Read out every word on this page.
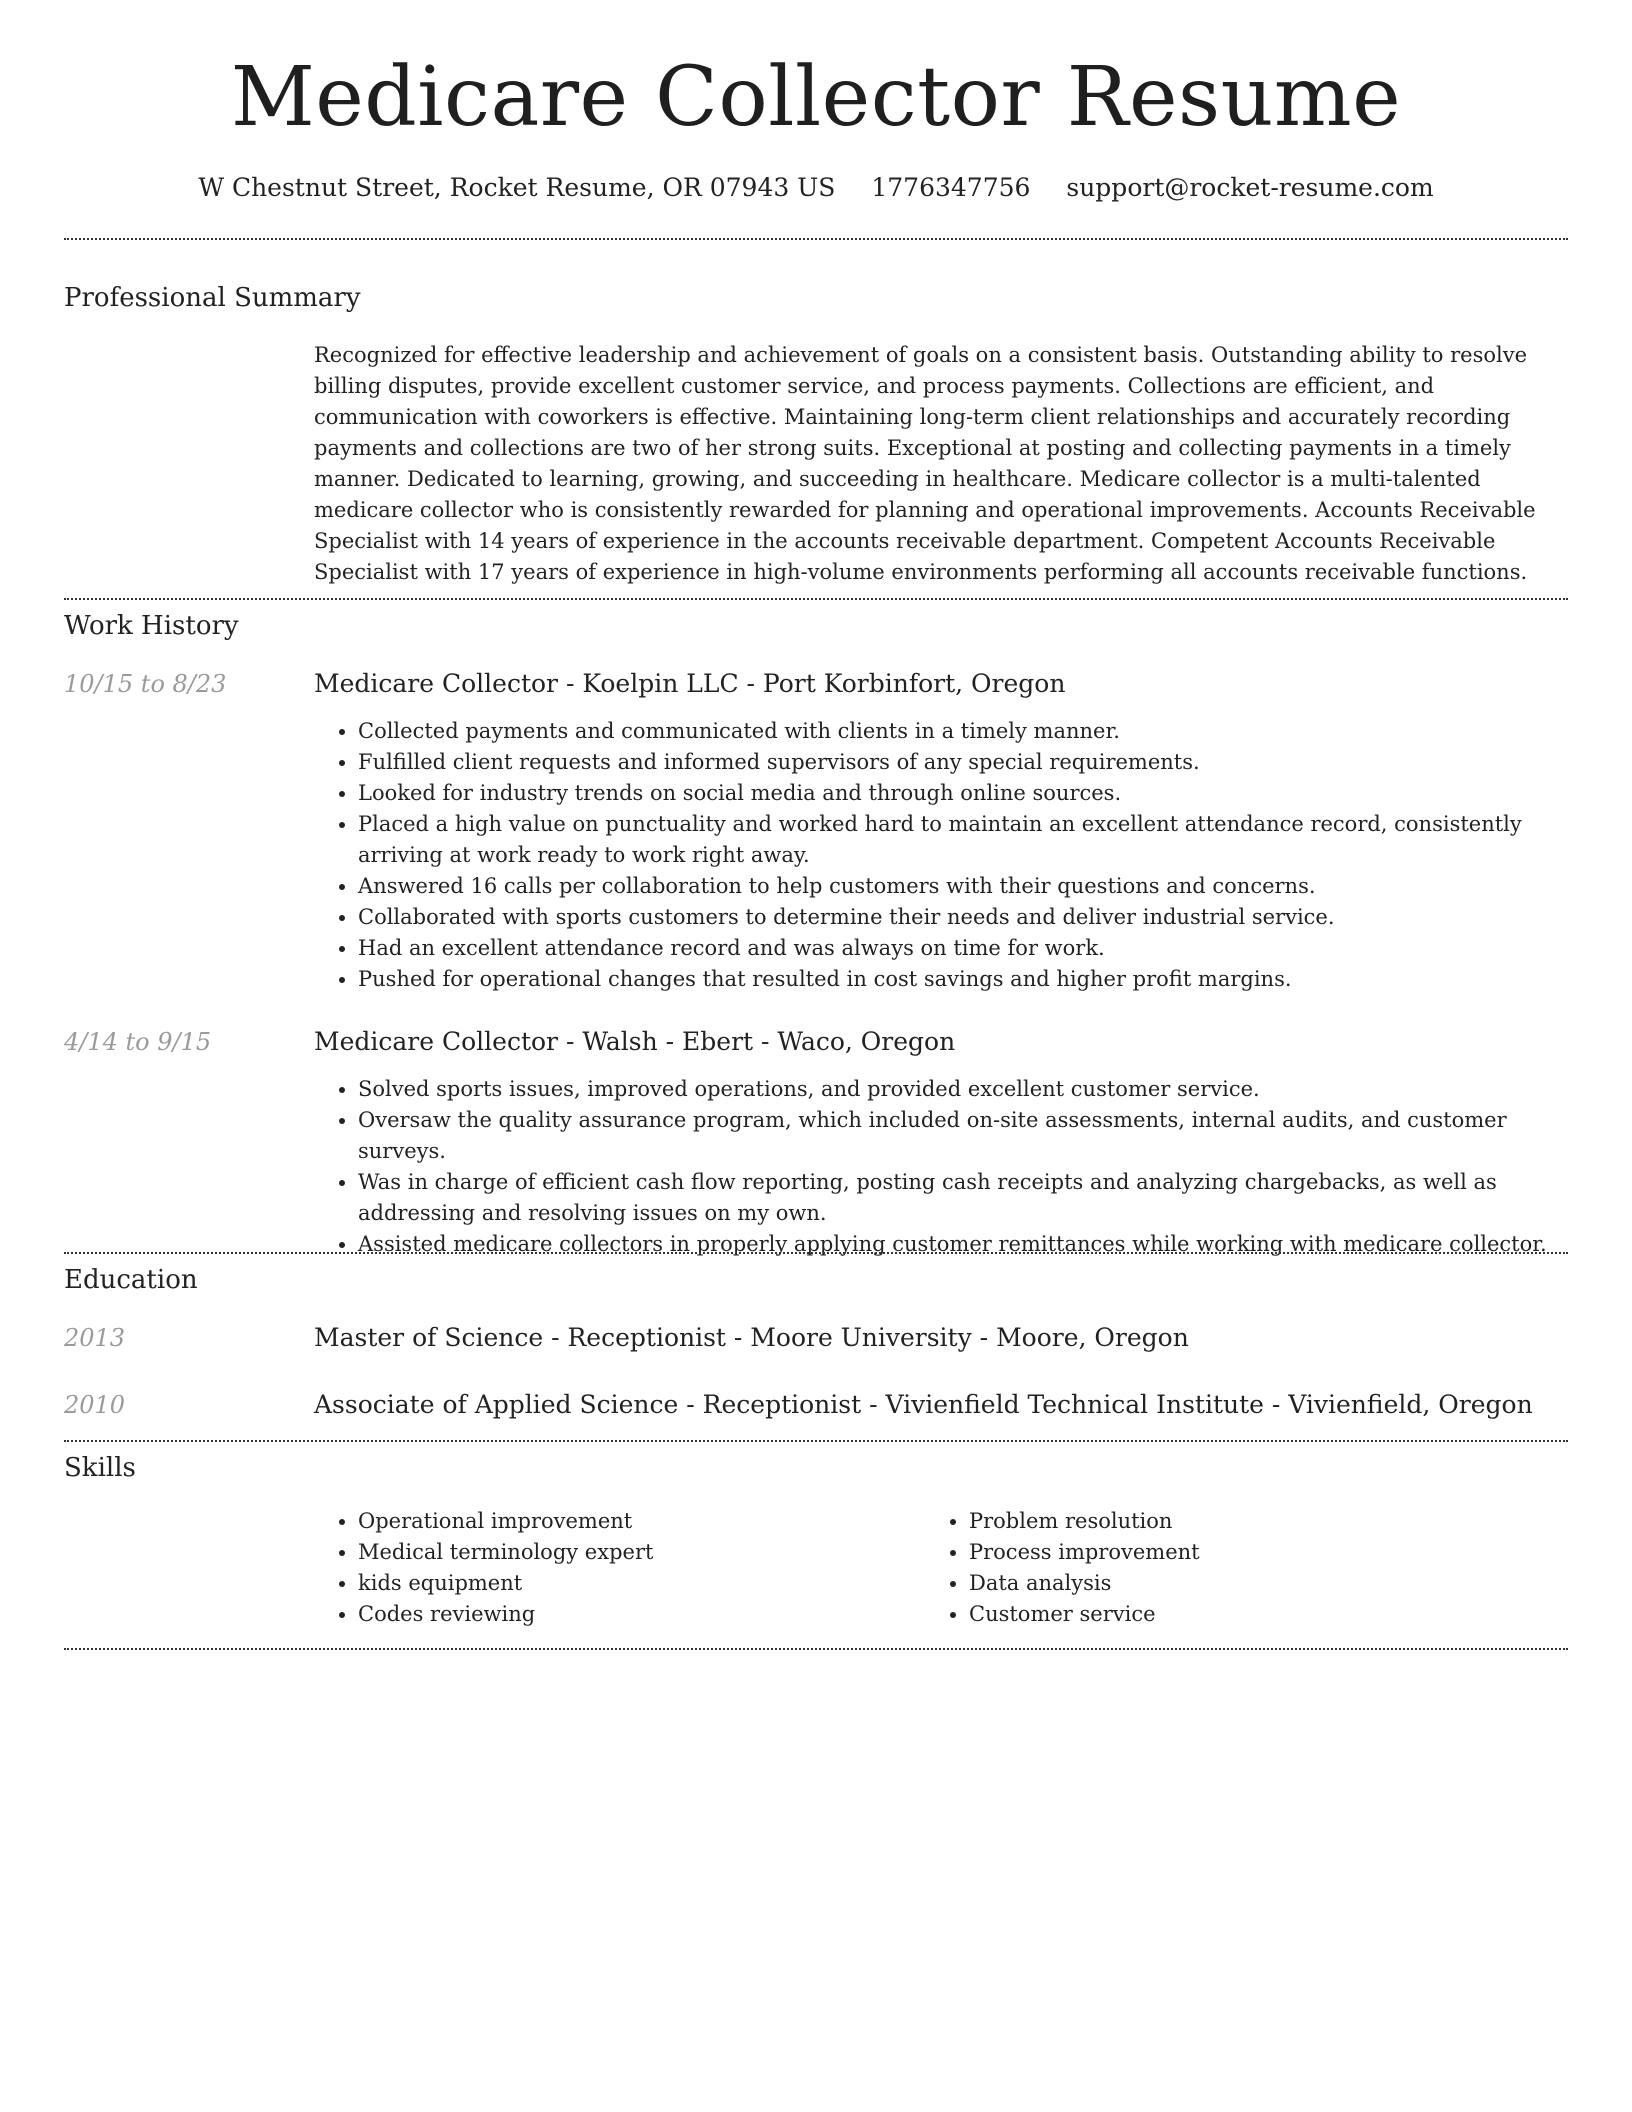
Medicare Collector Resume
W Chestnut Street, Rocket Resume, OR 07943 US 1776347756 support@rocket-resume.com
Professional Summary

Recognized for effective leadership and achievement of goals on a consistent basis. Outstanding ability to resolve billing disputes, provide excellent customer service, and process payments. Collections are efficient, and communication with coworkers is effective. Maintaining long-term client relationships and accurately recording payments and collections are two of her strong suits. Exceptional at posting and collecting payments in a timely manner. Dedicated to learning, growing, and succeeding in healthcare. Medicare collector is a multi-talented medicare collector who is consistently rewarded for planning and operational improvements. Accounts Receivable Specialist with 14 years of experience in the accounts receivable department. Competent Accounts Receivable Specialist with 17 years of experience in high-volume environments performing all accounts receivable functions.

Work History
10/15 to 8/23	Medicare Collector - Koelpin LLC - Port Korbinfort, Oregon
• Collected payments and communicated with clients in a timely manner.
• Fulfilled client requests and informed supervisors of any special requirements.
• Looked for industry trends on social media and through online sources.
• Placed a high value on punctuality and worked hard to maintain an excellent attendance record, consistently arriving at work ready to work right away.
• Answered 16 calls per collaboration to help customers with their questions and concerns.
• Collaborated with sports customers to determine their needs and deliver industrial service.
• Had an excellent attendance record and was always on time for work.
• Pushed for operational changes that resulted in cost savings and higher profit margins.
4/14 to 9/15	Medicare Collector - Walsh - Ebert - Waco, Oregon
• Solved sports issues, improved operations, and provided excellent customer service.
• Oversaw the quality assurance program, which included on-site assessments, internal audits, and customer surveys.
• Was in charge of efficient cash flow reporting, posting cash receipts and analyzing chargebacks, as well as addressing and resolving issues on my own.
• Assisted medicare collectors in properly applying customer remittances while working with medicare collector.
Education
2013	Master of Science - Receptionist - Moore University - Moore, Oregon
2010	Associate of Applied Science - Receptionist - Vivienfield Technical Institute - Vivienfield, Oregon
Skills
• Operational improvement
• Medical terminology expert
• kids equipment
• Codes reviewing
• Problem resolution
• Process improvement
• Data analysis
• Customer service
